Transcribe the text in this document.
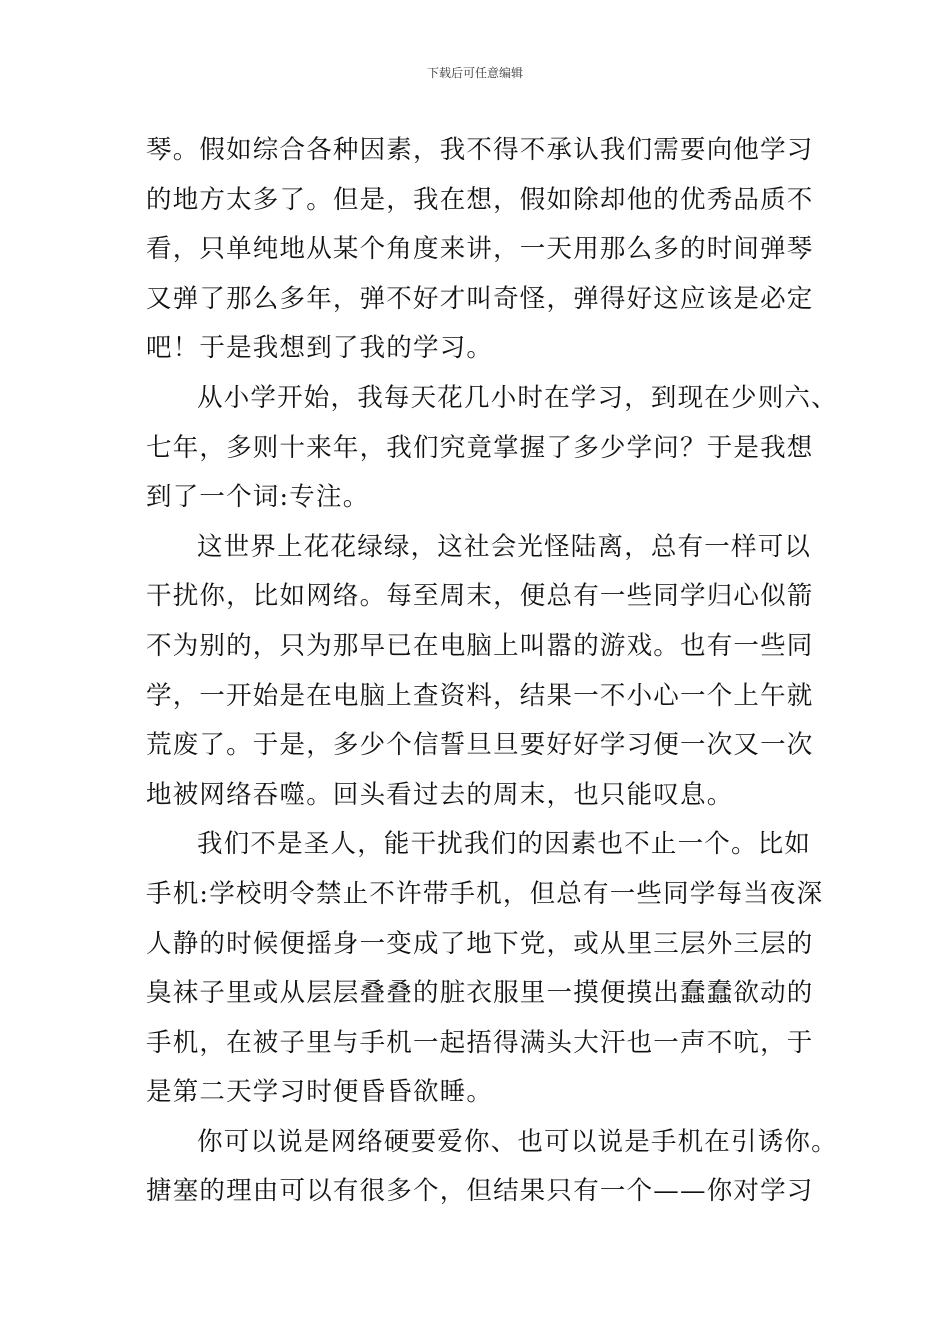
下载后可任意编辑
琴。假如综合各种因素，我不得不承认我们需要向他学习
的地方太多了。但是，我在想，假如除却他的优秀品质不
看，只单纯地从某个角度来讲，一天用那么多的时间弹琴
又弹了那么多年，弹不好才叫奇怪，弹得好这应该是必定
吧！于是我想到了我的学习。
从小学开始，我每天花几小时在学习，到现在少则六、
七年，多则十来年，我们究竟掌握了多少学问？于是我想
到了一个词:专注。
这世界上花花绿绿，这社会光怪陆离，总有一样可以
干扰你，比如网络。每至周末，便总有一些同学归心似箭
不为别的，只为那早已在电脑上叫嚣的游戏。也有一些同
学，一开始是在电脑上查资料，结果一不小心一个上午就
荒废了。于是，多少个信誓旦旦要好好学习便一次又一次
地被网络吞噬。回头看过去的周末，也只能叹息。
我们不是圣人，能干扰我们的因素也不止一个。比如
手机:学校明令禁止不许带手机，但总有一些同学每当夜深
人静的时候便摇身一变成了地下党，或从里三层外三层的
臭袜子里或从层层叠叠的脏衣服里一摸便摸出蠢蠢欲动的
手机，在被子里与手机一起捂得满头大汗也一声不吭，于
是第二天学习时便昏昏欲睡。
你可以说是网络硬要爱你、也可以说是手机在引诱你。
搪塞的理由可以有很多个，但结果只有一个——你对学习
